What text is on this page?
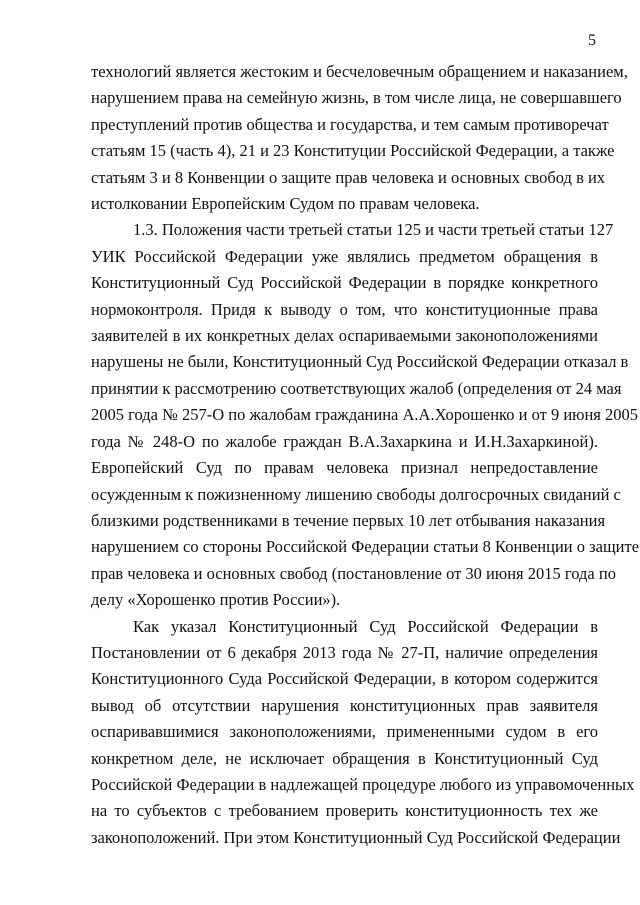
5

технологий является жестоким и бесчеловечным обращением и наказанием,
нарушением права на семейную жизнь, в том числе лица, не совершавшего
преступлений против общества и государства, и тем самым противоречат
статьям 15 (часть 4), 21 и 23 Конституции Российской Федерации, а также
статьям 3 и 8 Конвенции о защите прав человека и основных свобод в их
истолковании Европейским Судом по правам человека.

1.3. Положения части третьей статьи 125 и части третьей статьи 127
УИК Российской Федерации уже являлись предметом обращения в
Конституционный Суд Российской Федерации в порядке конкретного
нормоконтроля. Придя к выводу о том, что конституционные права
заявителей в их конкретных делах оспариваемыми законоположениями
нарушены не были, Конституционный Суд Российской Федерации отказал в
принятии к рассмотрению соответствующих жалоб (определения от 24 мая
2005 года № 257-О по жалобам гражданина А.А.Хорошенко и от 9 июня 2005
года № 248-О по жалобе граждан В.А.Захаркина и И.Н.Захаркиной).
Европейский Суд по правам человека признал непредоставление
осужденным к пожизненному лишению свободы долгосрочных свиданий с
близкими родственниками в течение первых 10 лет отбывания наказания
нарушением со стороны Российской Федерации статьи 8 Конвенции о защите
прав человека и основных свобод (постановление от 30 июня 2015 года по
делу «Хорошенко против России»).

Как указал Конституционный Суд Российской Федерации в
Постановлении от 6 декабря 2013 года № 27-П, наличие определения
Конституционного Суда Российской Федерации, в котором содержится
вывод об отсутствии нарушения конституционных прав заявителя
оспаривавшимися законоположениями, примененными судом в его
конкретном деле, не исключает обращения в Конституционный Суд
Российской Федерации в надлежащей процедуре любого из управомоченных
на то субъектов с требованием проверить конституционность тех же
законоположений. При этом Конституционный Суд Российской Федерации
